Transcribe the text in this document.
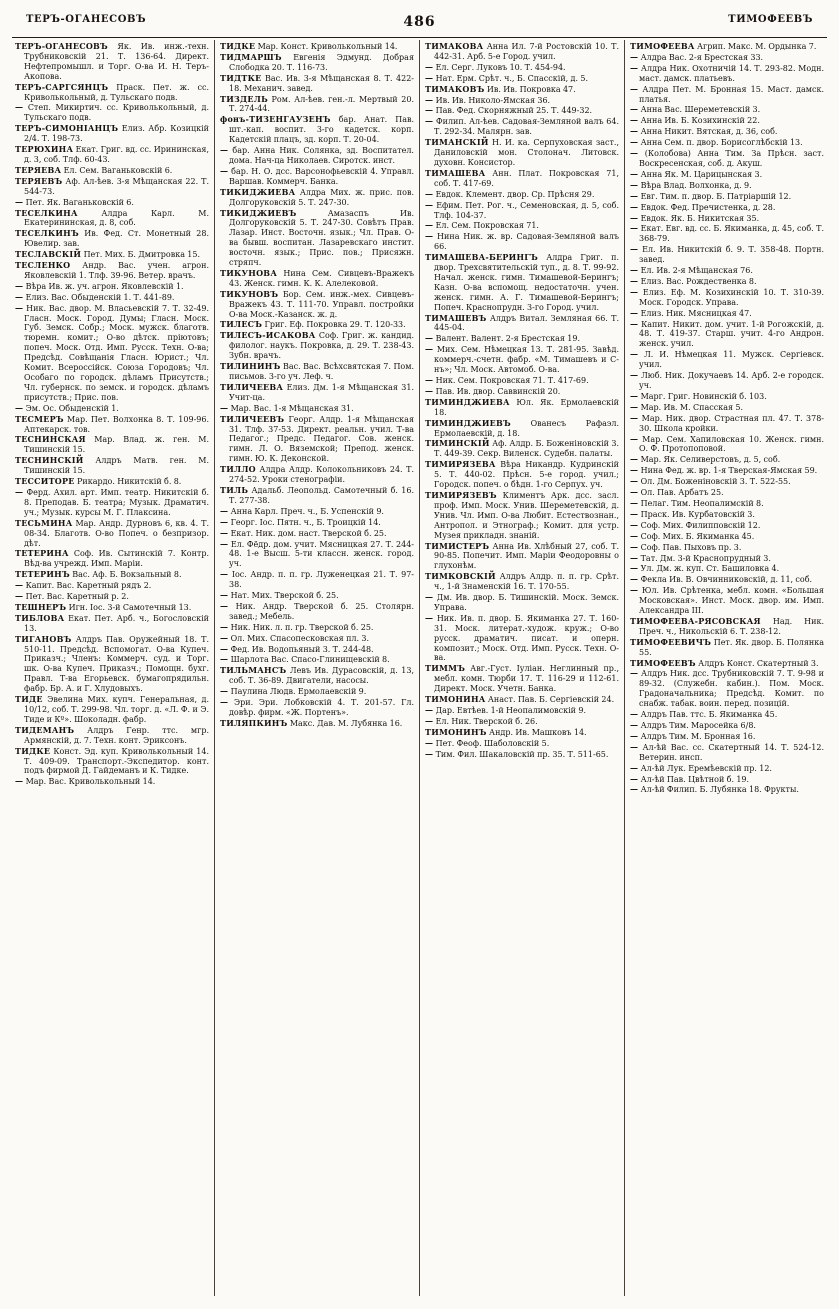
ТЕРЪ-ОГАНЕСОВЪ	486	ТИМОФЕЕВЪ
ТЕРЪ-ОГАНЕСОВЪ Як. Ив. инж.-техн. Трубниковскій 21. Т. 136-64. Директ. Нефтепромышл. и Торг. О-ва И. Н. Теръ-Акопова.
ТЕРЪ-САРГСЯНЦЪ Праск. Пет. ж. сс. Криволькольный, д. Тульскаго подв.
— Степ. Микиртич. сс. Криволькольный, д. Тульскаго подв.
ТЕРЪ-СИМОНІАНЦЪ Елиз. Абр. Козицкій 2/4. Т. 198-73.
ТЕРЮХИНА Екат. Григ. вд. сс. Ирининская, д. 3, соб. Тлф. 60-43.
ТЕРЯЕВА Ел. Сем. Ваганьковскій 6.
ТЕРЯЕВЪ Аф. Ал-ѣев. 3-я Мѣщанская 22. Т. 544-73.
— Пет. Як. Ваганьковскій 6.
ТЕСЕЛКИНА	Алдра Карл. М. Екатерининская, д. 8, соб.
ТЕСЕЛКИНЪ Ив. Фед. Ст. Монетный 28. Ювелир. зав.
ТЕСЛАВСКІЙ Пет. Мих. Б. Дмитровка 15.
ТЕСЛЕНКО Андр. Вас. учен. агрон. Яковлевскій 1. Тлф. 39-96. Ветер. врачъ.
— Вѣра Ив. ж. уч. агрон. Яковлевскій 1.
— Елиз. Вас. Обыденскій 1. Т. 441-89.
— Ник. Вас. двор. М. Власьевскій 7. Т. 32-49. Гласн. Моск. Город. Думы; Гласн. Моск. Губ. Земск. Собр.; Моск. мужск. благотв. тюремн. комит.; О-во дѣтск. пріютовъ; попеч. Моск. Отд. Имп. Русск. Техн. О-ва; Предсѣд. Совѣщанія Гласн. Юрист.; Чл. Комит. Всероссійск. Союза Городовъ; Чл. Особаго по городск. дѣламъ Присутств.; Чл. губернск. по земск. и городск. дѣламъ присутств.; Прис. пов.
— Эм. Ос. Обыденскій 1.
ТЕСМЕРЪ Мар. Пет. Волхонка 8. Т. 109-96. Аптекарск. тов.
ТЕСНИНСКАЯ Мар. Влад. ж. ген. М. Тишинскій 15.
ТЕСНИНСКІЙ Алдръ Матв. ген. М. Тишинскій 15.
ТЕССИТОРЕ Рикардо. Никитскій б. 8.
— Ферд. Ахил. арт. Имп. театр. Никитскій б. 8. Преподав. Б. театра; Музык. Драматич. уч.; Музык. курсы М. Г. Плаксина.
ТЕСЬМИНА Мар. Андр. Дурновъ 6, кв. 4. Т. 08-34. Благотв. О-во Попеч. о безпризор. дѣт.
ТЕТЕРИНА Соф. Ив. Сытинскій 7. Контр. Вѣд-ва учрежд. Имп. Маріи.
ТЕТЕРИНЪ Вас. Аф. Б. Вокзальный 8.
— Капит. Вас. Каретный рядъ 2.
— Пет. Вас. Каретный р. 2.
ТЕШНЕРЪ Игн. Іос. 3-й Самотечный 13.
ТИБЛОВА Екат. Пет. Арб. ч., Богословскій 13.
ТИГАНОВЪ Алдръ Пав. Оружейный 18. Т. 510-11. Предсѣд. Вспомогат. О-ва Купеч. Приказч.; Членъ: Коммерч. суд. и Торг. шк. О-ва Купеч. Приказч.; Помощн. бухг. Правл. Т-ва Егорьевск. бумагопрядильн. фабр. Бр. А. и Г. Хлудовыхъ.
ТИДЕ Эвелина Мих. купч. Генеральная, д. 10/12, соб. Т. 299-98. Чл. торг. д. «Л. Ф. и Э. Тиде и Кº». Шоколадн. фабр.
ТИДЕМАНЪ Алдръ Генр. ттс. мгр. Армянскій, д. 7. Техн. конт. Эриксонъ.
ТИДКЕ Конст. Эд. куп. Криволькольный 14. Т. 409-09. Транспорт.-Экспедитор. конт. подъ фирмой Д. Гайдеманъ и К. Тидке.
— Мар. Вас. Криволькольный 14.
ТИДКЕ Мар. Конст. Криволькольный 14.
ТИДМАРШЪ Евгенія Эдмунд. Добрая Слободка 20. Т. 116-73.
ТИДТКЕ Вас. Ив. 3-я Мѣщанская 8. Т. 422-18. Механич. завед.
ТИЗДЕЛЬ Ром. Ал-ѣев. ген.-л. Мертвый 20. Т. 274-44.
фонъ-ТИЗЕНГАУЗЕНЪ бар. Анат. Пав. шт.-кап. воспит. 3-го кадетск. корп. Кадетскій плацъ, зд. корп. Т. 20-04.
— бар. Анна Ник. Солянка, зд. Воспитател. дома. Нач-ца Николаев. Сиротск. инст.
— бар. Н. О. дсс. Варсонофьевскій 4. Управл. Варшав. Коммерч. Банка.
ТИКИДЖИЕВА Алдра Мих. ж. прис. пов. Долгоруковскій 5. Т. 247-30.
ТИКИДЖИЕВЪ	Амазаспъ Ив. Долгоруковскій 5. Т. 247-30. Совѣтъ Прав. Лазар. Инст. Восточн. язык.; Чл. Прав. О-ва бывш. воспитан. Лазаревскаго инстит. восточн. язык.; Прис. пов.; Присяжн. стряпч.
ТИКУНОВА Нина Сем. Сивцевъ-Вражекъ 43. Женск. гимн. К. К. Алелековой.
ТИКУНОВЪ Бор. Сем. инж.-мех. Сивцевъ-Вражекъ 43. Т. 111-70. Управл. постройки О-ва Моск.-Казанск. ж. д.
ТИЛЕСЪ Григ. Еф. Покровка 29. Т. 120-33.
ТИЛЕСЪ-ИСАКОВА Соф. Григ. ж. кандид. филолог. наукъ. Покровка, д. 29. Т. 238-43. Зубн. врачъ.
ТИЛИНИНЪ Вас. Вас. Всѣхсвятская 7. Пом. письмов. 3-го уч. Леф. ч.
ТИЛИЧЕЕВА Елиз. Дм. 1-я Мѣщанская 31. Учит-ца.
— Мар. Вас. 1-я Мѣщанская 31.
ТИЛИЧЕЕВЪ Георг. Алдр. 1-я Мѣщанская 31. Тлф. 37-53. Директ. реальн. учил. Т-ва Педагог.; Предс. Педагог. Сов. женск. гимн. Л. О. Вяземской; Препод. женск. гимн. Ю. К. Деконской.
ТИЛЛО Алдра Алдр. Колокольниковъ 24. Т. 274-52. Уроки стенографіи.
ТИЛЬ Адальб. Леопольд. Самотечный б. 16. Т. 277-38.
— Анна Карл. Преч. ч., Б. Успенскій 9.
— Георг. Іос. Пятн. ч., Б. Троицкій 14.
— Екат. Ник. дом. наст. Тверской б. 25.
— Ел. Фёдр. дом. учит. Мясницкая 27. Т. 244-48. 1-е Высш. 5-ти классн. женск. город. уч.
— Іос. Андр. п. п. гр. Луженецкая 21. Т. 97-38.
— Нат. Мих. Тверской б. 25.
— Ник. Андр. Тверской б. 25. Столярн. завед.; Мебель.
— Ник. Ник. л. п. гр. Тверской б. 25.
— Ол. Мих. Спасопесковская пл. 3.
— Фед. Ив. Водопьяный 3. Т. 244-48.
— Шарлота Вас. Спасо-Глинищевскій 8.
ТИЛЬМАНСЪ Левъ Ив. Дурасовскій, д. 13, соб. Т. 36-89. Двигатели, насосы.
— Паулина Людв. Ермолаевскій 9.
— Эри. Эри. Лобковскій 4. Т. 201-57. Гл. довѣр. фирм. «Ж. Портенъ».
ТИЛЯПКИНЪ Макс. Дав. М. Лубянка 16.
ТИМАКОВА Анна Ил. 7-й Ростовскій 10. Т. 442-31. Арб. 5-е Город. учил.
— Ел. Серг. Луковъ 10. Т. 454-94.
— Нат. Ерм. Срѣт. ч., Б. Спасскій, д. 5.
ТИМАКОВЪ Ив. Ив. Покровка 47.
— Ив. Ив. Николо-Ямская 36.
— Пав. Фед. Скорняжный 25. Т. 449-32.
— Филип. Ал-ѣев. Садовая-Земляной валъ 64. Т. 292-34. Малярн. зав.
ТИМАНСКІЙ Н. И. ка. Серпуховская заст., Даниловскій мон. Столонач. Литовск. духовн. Консистор.
ТИМАШЕВА Анн. Плат. Покровская 71, соб. Т. 417-69.
— Евдок. Клемент. двор. Ср. Прѣсня 29.
— Ефим. Пет. Рог. ч., Семеновская, д. 5, соб. Тлф. 104-37.
— Ел. Сем. Покровская 71.
— Нина Ник. ж. вр. Садовая-Земляной валъ 66.
ТИМАШЕВА-БЕРИНГЪ Алдра Григ. п. двор. Трехсвятительскій туп., д. 8. Т. 99-92. Начал. женск. гимн. Тимашевой-Берингъ; Казн. О-ва вспомощ. недостаточн. учен. женск. гимн. А. Г. Тимашевой-Берингъ; Попеч. Краснопрудн. 3-го Город. учил.
ТИМАШЕВЪ Алдръ Витал. Земляная 66. Т. 445-04.
— Валент. Валент. 2-я Брестская 19.
— Мих. Сем. Нѣмецкая 13. Т. 281-95. Завѣд. коммерч.-счетн. фабр. «М. Тимашевъ и С-нъ»; Чл. Моск. Автомоб. О-ва.
— Ник. Сем. Покровская 71. Т. 417-69.
— Пав. Ив. двор. Саввинскій 20.
ТИМИНДЖИЕВА Юл. Як. Ермолаевскій 18.
ТИМИНДЖИЕВЪ Ованесъ Рафаэл. Ермолаевскій, д. 18.
ТИМИНСКІЙ Аф. Алдр. Б. Боженіновскій 3. Т. 449-39. Секр. Виленск. Судебн. палаты.
ТИМИРЯЗЕВА Вѣра Никандр. Кудринскій 5. Т. 440-02. Прѣсн. 5-е город. учил.; Городск. попеч. о бѣдн. 1-го Серпух. уч.
ТИМИРЯЗЕВЪ Климентъ Арк. дсс. засл. проф. Имп. Моск. Унив. Шереметевскій, д. Унив. Чл. Имп. О-ва Любит. Естествознан., Антропол. и Этнограф.; Комит. для устр. Музея прикладн. знаній.
ТИМИСТЕРЪ Анна Ив. Хлѣбный 27, соб. Т. 90-85. Попечит. Имп. Маріи Феодоровны о глухонѣм.
ТИМКОВСКІЙ Алдръ Алдр. п. п. гр. Срѣт. ч., 1-й Знаменскій 16. Т. 170-55.
— Дм. Ив. двор. Б. Тишинскій. Моск. Земск. Управа.
— Ник. Ив. п. двор. Б. Якиманка 27. Т. 160-31. Моск. литерат.-худож. круж.; О-во русск. драматич. писат. и оперн. композит.; Моск. Отд. Имп. Русск. Техн. О-ва.
ТИММЪ Авг.-Густ. Іуліан. Неглинный пр., мебл. комн. Тюрби 17. Т. 116-29 и 112-61. Директ. Моск. Учетн. Банка.
ТИМОНИНА Анаст. Пав. Б. Сергіевскій 24.
— Дар. Евтѣев. 1-й Неопалимовскій 9.
— Ел. Ник. Тверской б. 26.
ТИМОНИНЪ Андр. Ив. Машковъ 14.
— Пет. Феоф. Шаболовскій 5.
— Тим. Фил. Шакаловскій пр. 35. Т. 511-65.
ТИМОФЕЕВА Агрип. Макс. М. Ордынка 7.
— Алдра Вас. 2-я Брестская 33.
— Алдра Ник. Охотничій 14. Т. 293-82. Модн. маст. дамск. платьевъ.
— Алдра Пет. М. Бронная 15. Маст. дамск. платья.
— Анна Вас. Шереметевскій 3.
— Анна Ив. Б. Козихинскій 22.
— Анна Никит. Вятская, д. 36, соб.
— Анна Сем. п. двор. Борисоглѣбскій 13.
— (Колобова) Анна Тим. За Прѣсн. заст. Воскресенская, соб. д. Акуш.
— Анна Як. М. Царицынская 3.
— Вѣра Влад. Волхонка, д. 9.
— Евг. Тим. п. двор. Б. Патріаршій 12.
— Евдок. Фед. Пречистенка, д. 28.
— Евдок. Як. Б. Никитская 35.
— Екат. Евг. вд. сс. Б. Якиманка, д. 45, соб. Т. 368-79.
— Ел. Ив. Никитскій б. 9. Т. 358-48. Портн. завед.
— Ел. Ив. 2-я Мѣщанская 76.
— Елиз. Вас. Рождественка 8.
— Елиз. Еф. М. Козихинскій 10. Т. 310-39. Моск. Городск. Управа.
— Елиз. Ник. Мясницкая 47.
— Капит. Никит. дом. учит. 1-й Рогожскій, д. 48. Т. 419-37. Старш. учит. 4-го Андрон. женск. учил.
— Л. И. Нѣмецкая 11. Мужск. Сергіевск. учил.
— Люб. Ник. Докучаевъ 14. Арб. 2-е городск. уч.
— Марг. Григ. Новинскій б. 103.
— Мар. Ив. М. Спасская 5.
— Мар. Ник. двор. Страстная пл. 47. Т. 378-30. Школа кройки.
— Мар. Сем. Хапиловская 10. Женск. гимн. О. Ф. Протопоповой.
— Мар. Як. Селиверстовъ, д. 5, соб.
— Нина Фед. ж. вр. 1-я Тверская-Ямская 59.
— Ол. Дм. Боженіновскій 3. Т. 522-55.
— Ол. Пав. Арбатъ 25.
— Пелаг. Тим. Неопалимскій 8.
— Праск. Ив. Курбатовскій 3.
— Соф. Мих. Филипповскій 12.
— Соф. Мих. Б. Якиманка 45.
— Соф. Пав. Пыховъ пр. 3.
— Тат. Дм. 3-й Краснопрудный 3.
— Ул. Дм. ж. куп. Ст. Башиловка 4.
— Фекла Ив. В. Овчинниковскій, д. 11, соб.
— Юл. Ив. Срѣтенка, мебл. комн. «Большая Московская». Инст. Моск. двор. им. Имп. Александра III.
ТИМОФЕЕВА-РЯСОВСКАЯ Над. Ник. Преч. ч., Никольскій 6. Т. 238-12.
ТИМОФЕЕВИЧЪ Пет. Як. двор. Б. Полянка 55.
ТИМОФЕЕВЪ Алдръ Конст. Скатертный 3.
— Алдръ Ник. дсс. Трубниковскій 7. Т. 9-98 и 89-32. (Служебн. кабин.). Пом. Моск. Градоначальника; Предсѣд. Комит. по снабж. табак. воин. перед. позицій.
— Алдръ Пав. ттс. Б. Якиманка 45.
— Алдръ Тим. Маросейка 6/8.
— Алдръ Тим. М. Бронная 16.
— Ал-ѣй Вас. сс. Скатертный 14. Т. 524-12. Ветерин. инсп.
— Ал-ѣй Лук. Еремѣевскій пр. 12.
— Ал-ѣй Пав. Цвѣтной б. 19.
— Ал-ѣй Филип. Б. Лубянка 18. Фрукты.
